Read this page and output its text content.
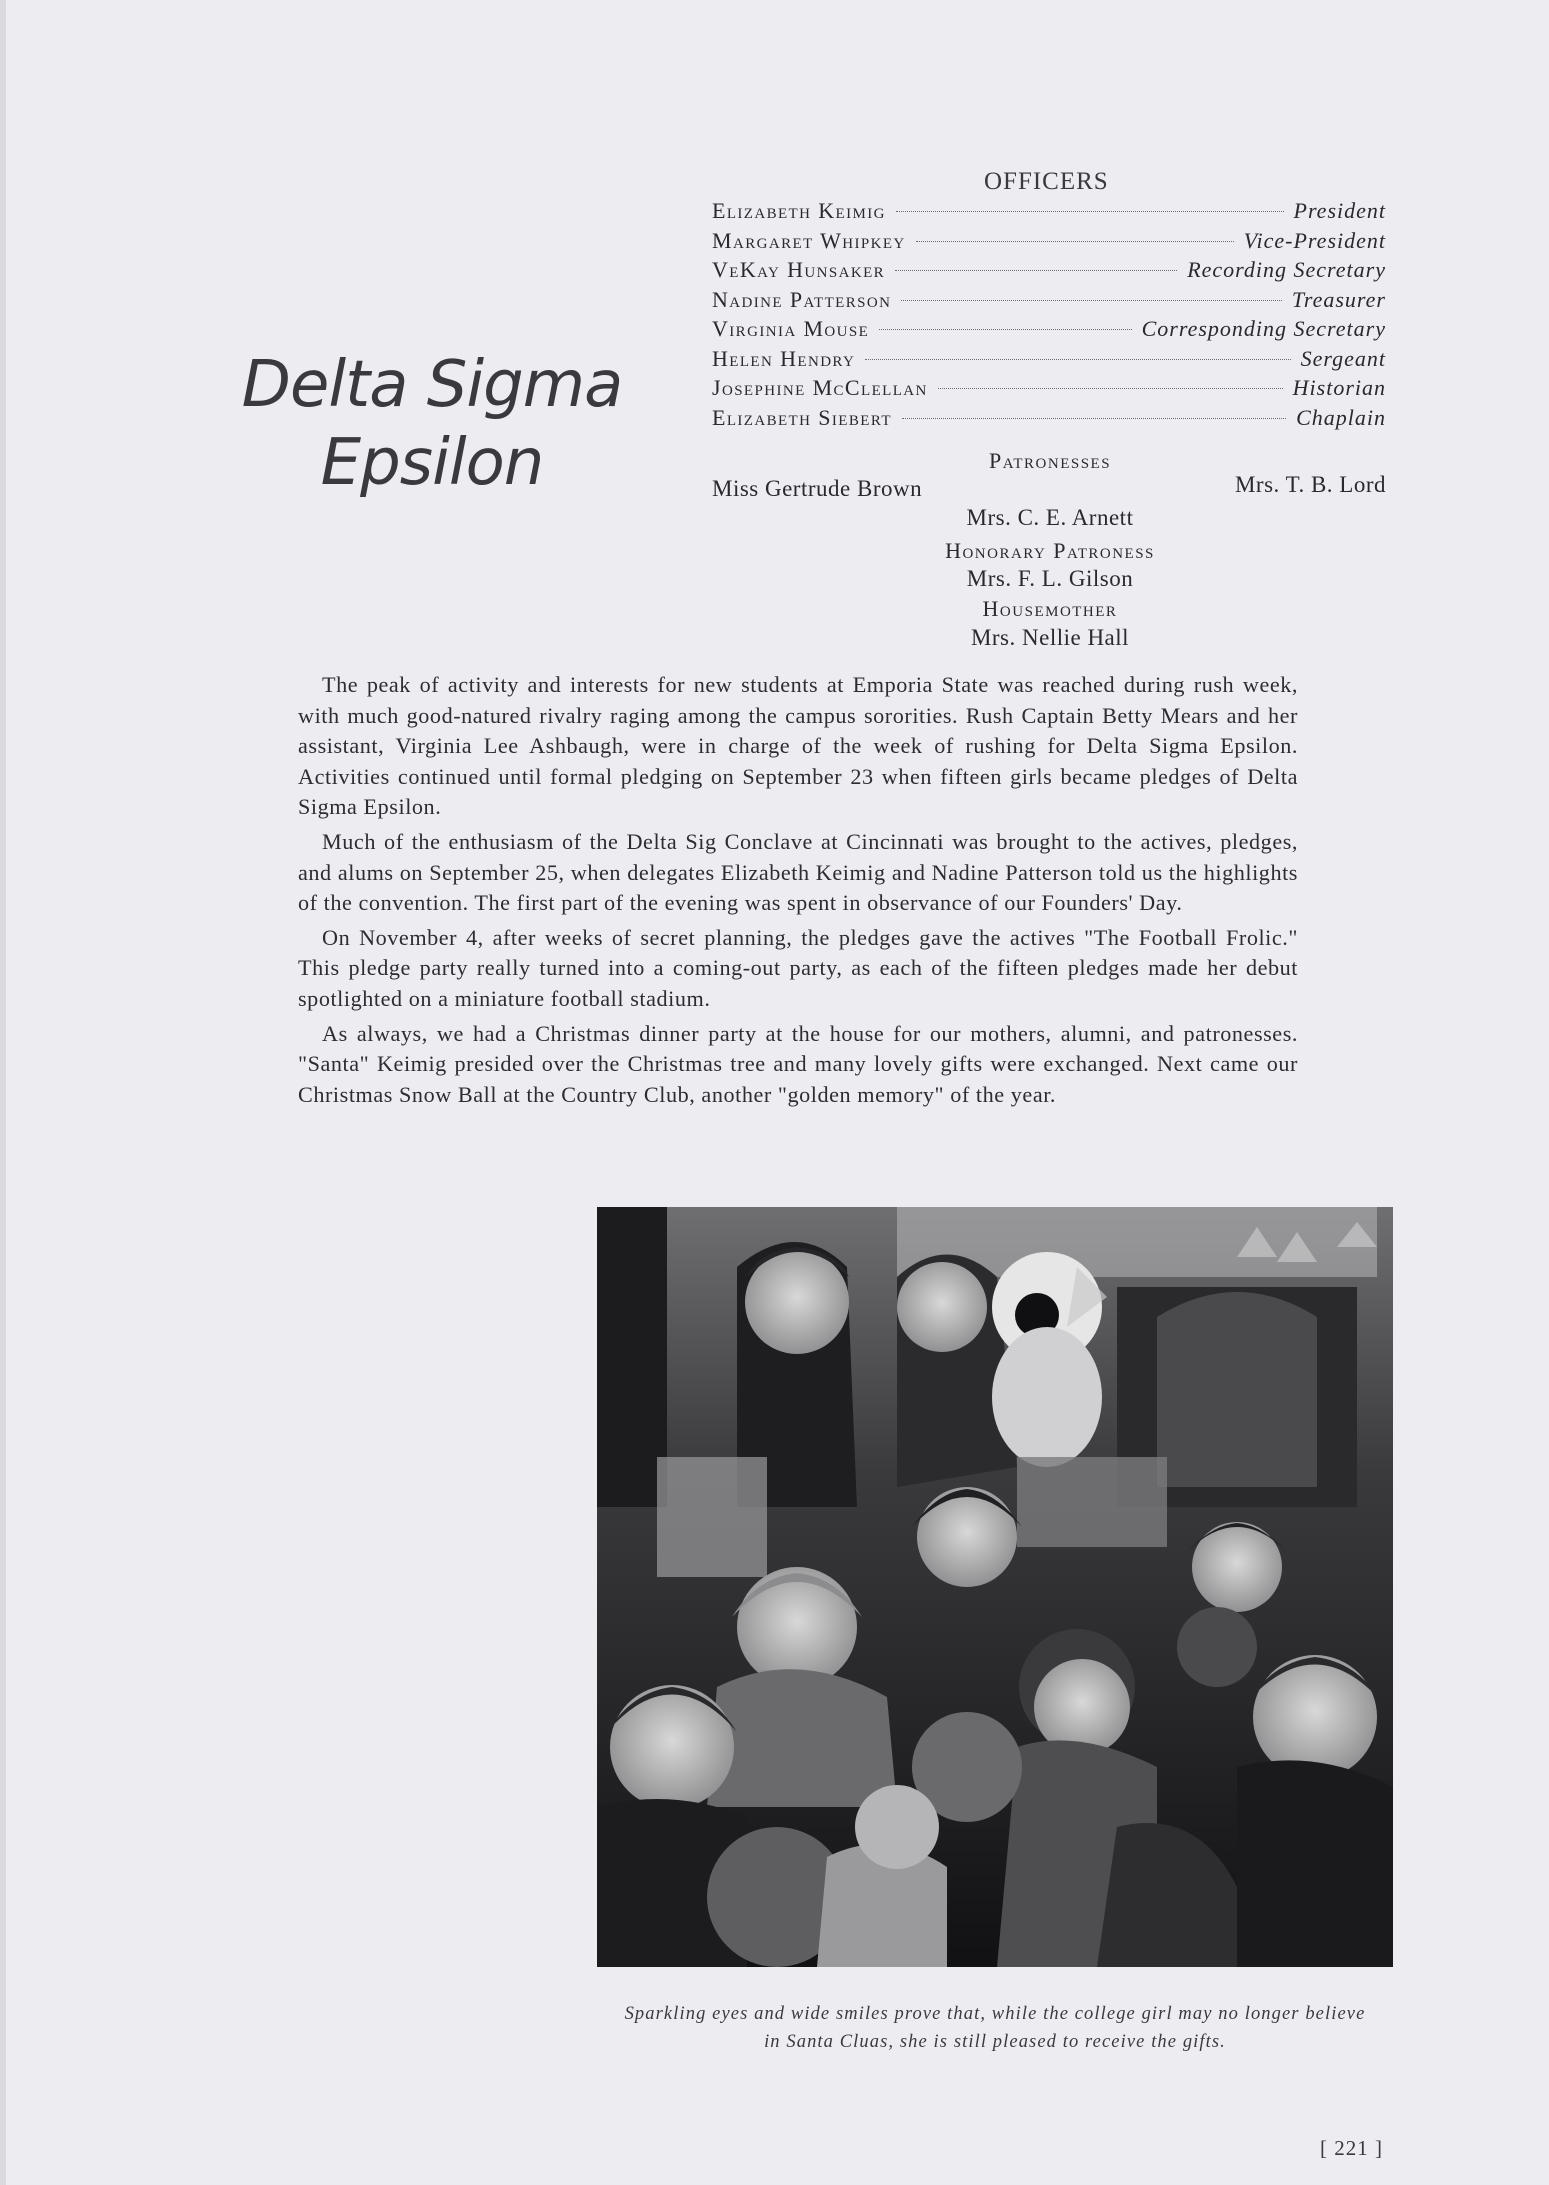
Delta Sigma
Epsilon
OFFICERS
Elizabeth Keimig	President
Margaret Whipkey	Vice-President
VeKay Hunsaker	Recording Secretary
Nadine Patterson	Treasurer
Virginia Mouse	Corresponding Secretary
Helen Hendry	Sergeant
Josephine McClellan	Historian
Elizabeth Siebert	Chaplain
Patronesses
Miss Gertrude Brown	Mrs. T. B. Lord
Mrs. C. E. Arnett
Honorary Patroness
Mrs. F. L. Gilson
Housemother
Mrs. Nellie Hall

The peak of activity and interests for new students at Emporia State was reached during rush week, with much good-natured rivalry raging among the campus sororities. Rush Captain Betty Mears and her assistant, Virginia Lee Ashbaugh, were in charge of the week of rushing for Delta Sigma Epsilon. Activities continued until formal pledging on September 23 when fifteen girls became pledges of Delta Sigma Epsilon.

Much of the enthusiasm of the Delta Sig Conclave at Cincinnati was brought to the actives, pledges, and alums on September 25, when delegates Elizabeth Keimig and Nadine Patterson told us the highlights of the convention. The first part of the evening was spent in observance of our Founders' Day.

On November 4, after weeks of secret planning, the pledges gave the actives "The Football Frolic." This pledge party really turned into a coming-out party, as each of the fifteen pledges made her debut spotlighted on a miniature football stadium.

As always, we had a Christmas dinner party at the house for our mothers, alumni, and patronesses. "Santa" Keimig presided over the Christmas tree and many lovely gifts were exchanged. Next came our Christmas Snow Ball at the Country Club, another "golden memory" of the year.

Sparkling eyes and wide smiles prove that, while the college girl may no longer believe
in Santa Cluas, she is still pleased to receive the gifts.
[ 221 ]
